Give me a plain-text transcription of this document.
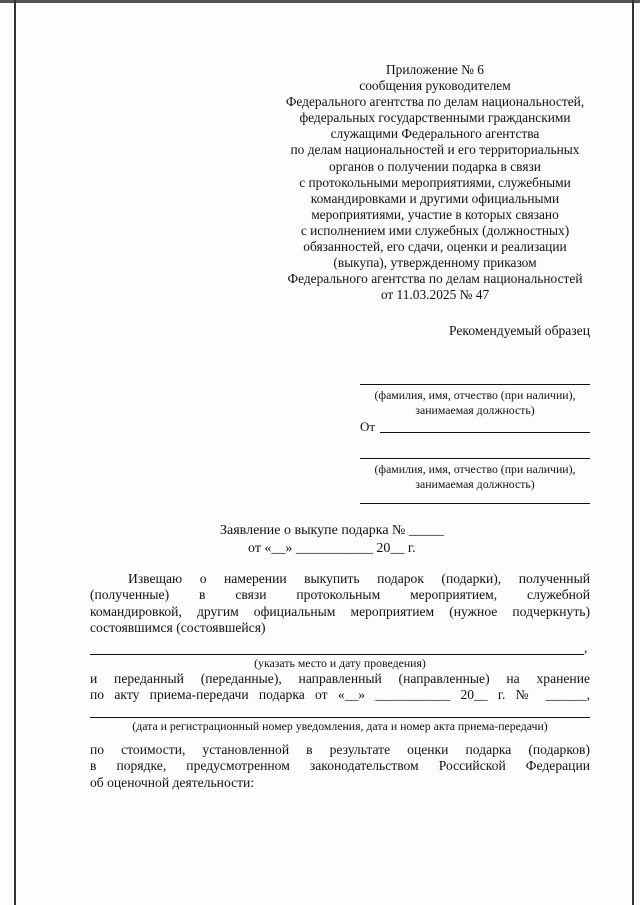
Приложение № 6
сообщения руководителем
Федерального агентства по делам национальностей,
федеральных государственными гражданскими
служащими Федерального агентства
по делам национальностей и его территориальных
органов о получении подарка в связи
с протокольными мероприятиями, служебными
командировками и другими официальными
мероприятиями, участие в которых связано
с исполнением ими служебных (должностных)
обязанностей, его сдачи, оценки и реализации
(выкупа), утвержденному приказом
Федерального агентства по делам национальностей
от 11.03.2025 № 47
Рекомендуемый образец
(фамилия, имя, отчество (при наличии),
занимаемая должность)
От
(фамилия, имя, отчество (при наличии),
занимаемая должность)
Заявление о выкупе подарка № _____
от «__» ___________ 20__ г.
Извещаю о намерении выкупить подарок (подарки), полученный
(полученные) в связи протокольным мероприятием, служебной
командировкой, другим официальным мероприятием (нужное подчеркнуть)
состоявшимся (состоявшейся)
,
(указать место и дату проведения)
и переданный (переданные), направленный (направленные) на хранение
по акту приема-передачи подарка от «__» ___________ 20__ г. № ______,
(дата и регистрационный номер уведомления, дата и номер акта приема-передачи)
по стоимости, установленной в результате оценки подарка (подарков)
в порядке, предусмотренном законодательством Российской Федерации
об оценочной деятельности:
